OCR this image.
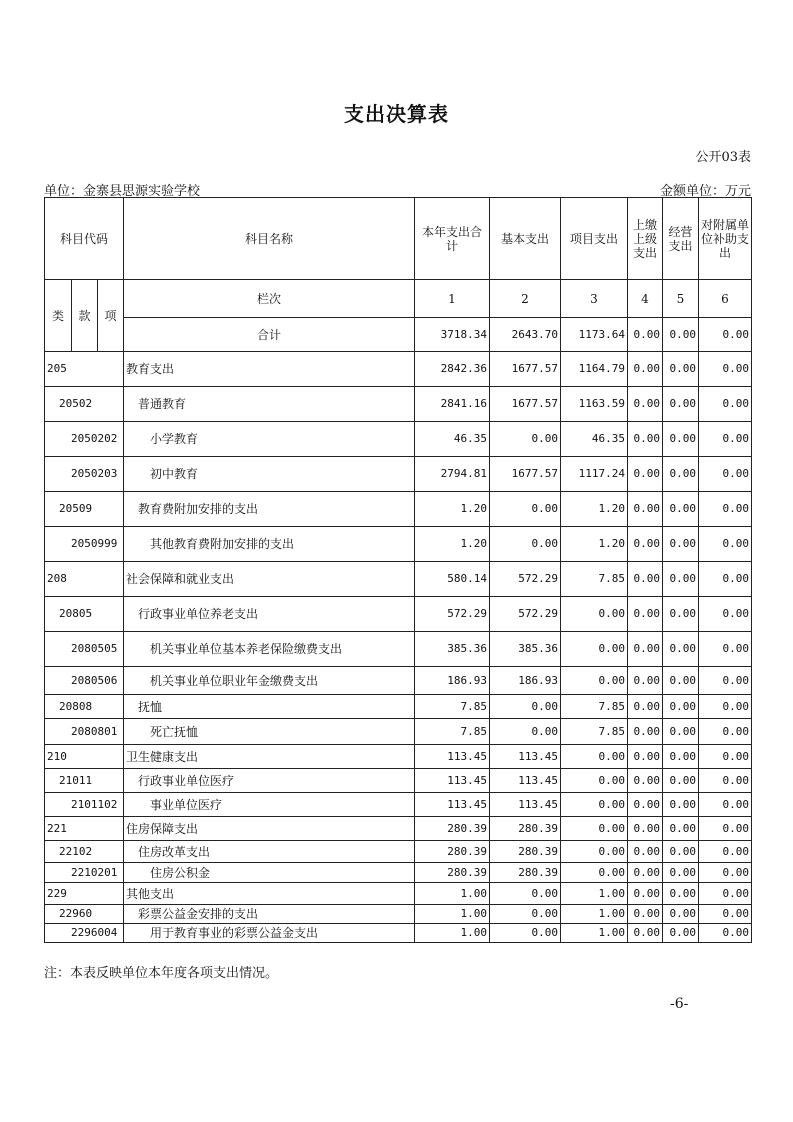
支出决算表
公开03表
单位：金寨县思源实验学校	金额单位：万元
科目代码			科目名称	本年支出合计	基本支出	项目支出	上缴上级支出	经营支出	对附属单位补助支出
类	款	项	栏次	1	2	3	4	5	6
			合计	3718.34	2643.70	1173.64	0.00	0.00	0.00
205			教育支出	2842.36	1677.57	1164.79	0.00	0.00	0.00
20502			普通教育	2841.16	1677.57	1163.59	0.00	0.00	0.00
2050202			小学教育	46.35	0.00	46.35	0.00	0.00	0.00
2050203			初中教育	2794.81	1677.57	1117.24	0.00	0.00	0.00
20509			教育费附加安排的支出	1.20	0.00	1.20	0.00	0.00	0.00
2050999			其他教育费附加安排的支出	1.20	0.00	1.20	0.00	0.00	0.00
208			社会保障和就业支出	580.14	572.29	7.85	0.00	0.00	0.00
20805			行政事业单位养老支出	572.29	572.29	0.00	0.00	0.00	0.00
2080505			机关事业单位基本养老保险缴费支出	385.36	385.36	0.00	0.00	0.00	0.00
2080506			机关事业单位职业年金缴费支出	186.93	186.93	0.00	0.00	0.00	0.00
20808			抚恤	7.85	0.00	7.85	0.00	0.00	0.00
2080801			死亡抚恤	7.85	0.00	7.85	0.00	0.00	0.00
210			卫生健康支出	113.45	113.45	0.00	0.00	0.00	0.00
21011			行政事业单位医疗	113.45	113.45	0.00	0.00	0.00	0.00
2101102			事业单位医疗	113.45	113.45	0.00	0.00	0.00	0.00
221			住房保障支出	280.39	280.39	0.00	0.00	0.00	0.00
22102			住房改革支出	280.39	280.39	0.00	0.00	0.00	0.00
2210201			住房公积金	280.39	280.39	0.00	0.00	0.00	0.00
229			其他支出	1.00	0.00	1.00	0.00	0.00	0.00
22960			彩票公益金安排的支出	1.00	0.00	1.00	0.00	0.00	0.00
2296004			用于教育事业的彩票公益金支出	1.00	0.00	1.00	0.00	0.00	0.00
注：本表反映单位本年度各项支出情况。
-6-
